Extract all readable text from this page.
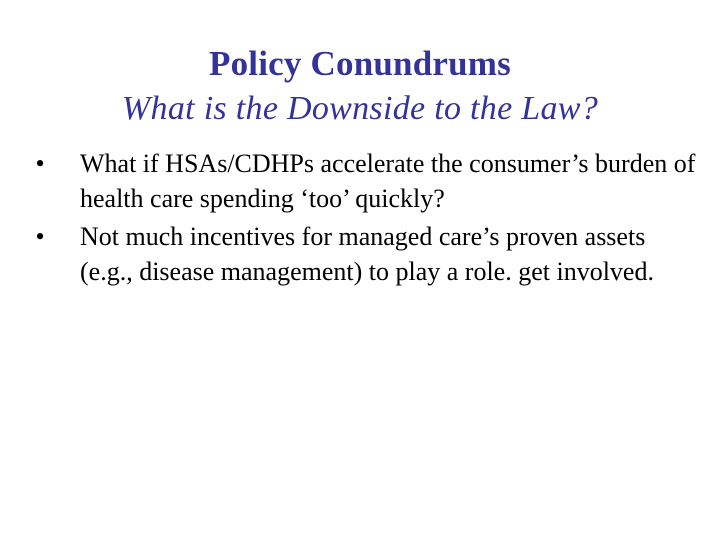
Policy Conundrums
What is the Downside to the Law?
• What if HSAs/CDHPs accelerate the consumer’s burden of health care spending ‘too’ quickly?
• Not much incentives for managed care’s proven assets (e.g., disease management) to play a role. get involved.
